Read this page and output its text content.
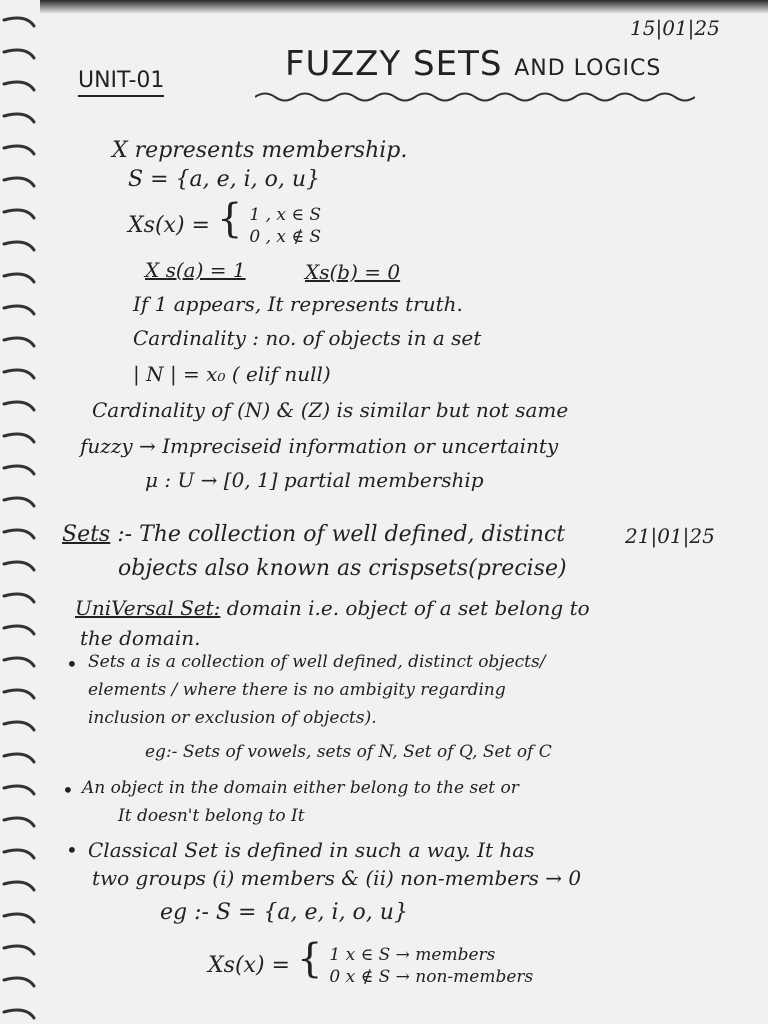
15|01|25
UNIT-01	FUZZY SETS AND LOGICS
X represents membership.
S = {a, e, i, o, u}
Xs(x) = { 1 , x ∈ S
0 , x ∉ S
X s(a) = 1	Xs(b) = 0
If 1 appears, It represents truth.
Cardinality : no. of objects in a set
| N | = x₀ ( elif null)
Cardinality of (N) & (Z) is similar but not same
fuzzy → Impreciseid information or uncertainty
μ : U → [0, 1] partial membership
Sets :- The collection of well defined, distinct	21|01|25
objects also known as crispsets(precise)
UniVersal Set: domain i.e. object of a set belong to
the domain.
• Sets a is a collection of well defined, distinct objects/
elements / where there is no ambigity regarding
inclusion or exclusion of objects).
eg:- Sets of vowels, sets of N, Set of Q, Set of C
• An object in the domain either belong to the set or
It doesn't belong to It
• Classical Set is defined in such a way. It has
two groups (i) members & (ii) non-members → 0
eg :- S = {a, e, i, o, u}
Xs(x) = { 1 x ∈ S → members
0 x ∉ S → non-members
